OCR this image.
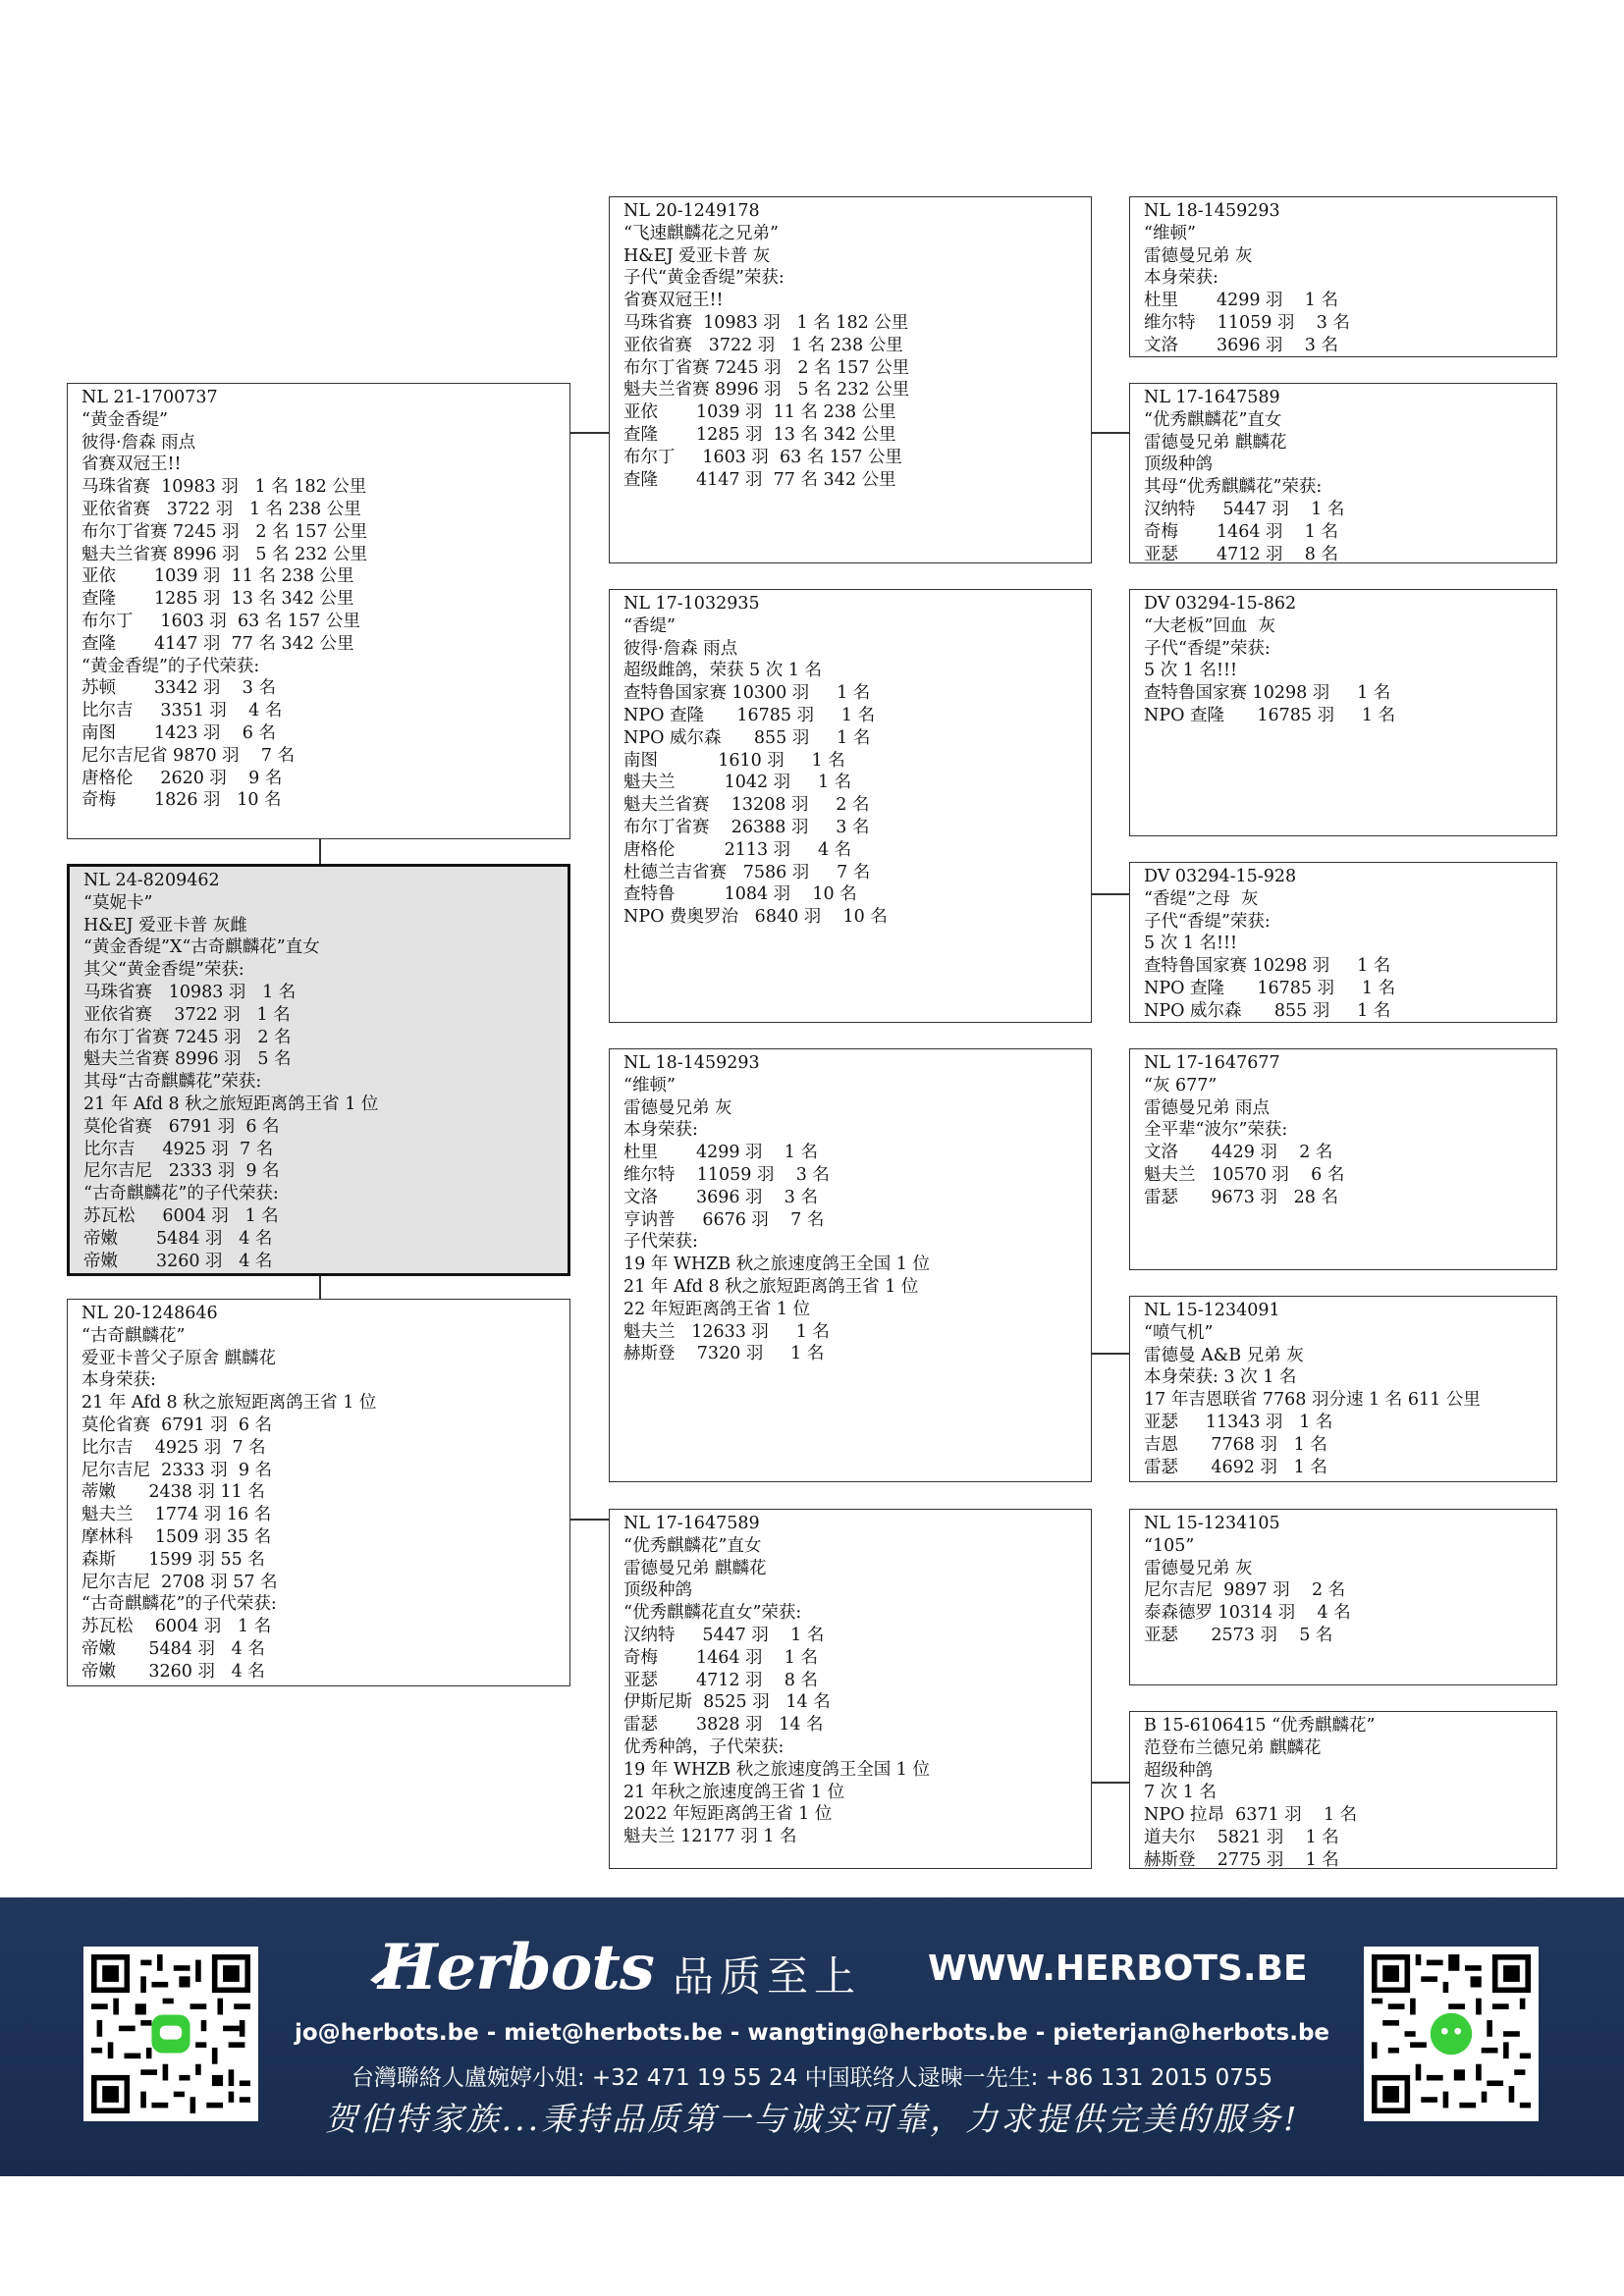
NL 24-8209462
“莫妮卡”
H&EJ 爱亚卡普 灰雌
“黄金香缇”X“古奇麒麟花”直女
其父“黄金香缇”荣获:
马珠省赛   10983 羽   1 名
亚依省赛    3722 羽   1 名
布尔丁省赛 7245 羽   2 名
魁夫兰省赛 8996 羽   5 名
其母“古奇麒麟花”荣获:
21 年 Afd 8 秋之旅短距离鸽王省 1 位
莫伦省赛   6791 羽  6 名
比尔吉     4925 羽  7 名
尼尔吉尼   2333 羽  9 名
“古奇麒麟花”的子代荣获:
苏瓦松     6004 羽   1 名
帝嫩       5484 羽   4 名
帝嫩       3260 羽   4 名
NL 21-1700737
“黄金香缇”
彼得·詹森 雨点
省赛双冠王!!
马珠省赛  10983 羽   1 名 182 公里
亚依省赛   3722 羽   1 名 238 公里
布尔丁省赛 7245 羽   2 名 157 公里
魁夫兰省赛 8996 羽   5 名 232 公里
亚依       1039 羽  11 名 238 公里
查隆       1285 羽  13 名 342 公里
布尔丁     1603 羽  63 名 157 公里
查隆       4147 羽  77 名 342 公里
“黄金香缇”的子代荣获:
苏顿       3342 羽    3 名
比尔吉     3351 羽    4 名
南图       1423 羽    6 名
尼尔吉尼省 9870 羽    7 名
唐格伦     2620 羽    9 名
奇梅       1826 羽   10 名
NL 20-1248646
“古奇麒麟花”
爱亚卡普父子原舍 麒麟花
本身荣获:
21 年 Afd 8 秋之旅短距离鸽王省 1 位
莫伦省赛  6791 羽  6 名
比尔吉    4925 羽  7 名
尼尔吉尼  2333 羽  9 名
蒂嫩      2438 羽 11 名
魁夫兰    1774 羽 16 名
摩林科    1509 羽 35 名
森斯      1599 羽 55 名
尼尔吉尼  2708 羽 57 名
“古奇麒麟花”的子代荣获:
苏瓦松    6004 羽   1 名
帝嫩      5484 羽   4 名
帝嫩      3260 羽   4 名
NL 20-1249178
“飞速麒麟花之兄弟”
H&EJ 爱亚卡普 灰
子代“黄金香缇”荣获:
省赛双冠王!!
马珠省赛  10983 羽   1 名 182 公里
亚依省赛   3722 羽   1 名 238 公里
布尔丁省赛 7245 羽   2 名 157 公里
魁夫兰省赛 8996 羽   5 名 232 公里
亚依       1039 羽  11 名 238 公里
查隆       1285 羽  13 名 342 公里
布尔丁     1603 羽  63 名 157 公里
查隆       4147 羽  77 名 342 公里
NL 17-1032935
“香缇”
彼得·詹森 雨点
超级雌鸽，荣获 5 次 1 名
查特鲁国家赛 10300 羽     1 名
NPO 查隆      16785 羽     1 名
NPO 威尔森      855 羽     1 名
南图           1610 羽     1 名
魁夫兰         1042 羽     1 名
魁夫兰省赛    13208 羽     2 名
布尔丁省赛    26388 羽     3 名
唐格伦         2113 羽     4 名
杜德兰吉省赛   7586 羽     7 名
查特鲁         1084 羽    10 名
NPO 费奥罗治   6840 羽    10 名
NL 18-1459293
“维顿”
雷德曼兄弟 灰
本身荣获:
杜里       4299 羽    1 名
维尔特    11059 羽    3 名
文洛       3696 羽    3 名
亨讷普     6676 羽    7 名
子代荣获:
19 年 WHZB 秋之旅速度鸽王全国 1 位
21 年 Afd 8 秋之旅短距离鸽王省 1 位
22 年短距离鸽王省 1 位
魁夫兰   12633 羽     1 名
赫斯登    7320 羽     1 名
NL 17-1647589
“优秀麒麟花”直女
雷德曼兄弟 麒麟花
顶级种鸽
“优秀麒麟花直女”荣获:
汉纳特     5447 羽    1 名
奇梅       1464 羽    1 名
亚瑟       4712 羽    8 名
伊斯尼斯  8525 羽   14 名
雷瑟       3828 羽   14 名
优秀种鸽，子代荣获:
19 年 WHZB 秋之旅速度鸽王全国 1 位
21 年秋之旅速度鸽王省 1 位
2022 年短距离鸽王省 1 位
魁夫兰 12177 羽 1 名
NL 18-1459293
“维顿”
雷德曼兄弟 灰
本身荣获:
杜里       4299 羽    1 名
维尔特    11059 羽    3 名
文洛       3696 羽    3 名
NL 17-1647589
“优秀麒麟花”直女
雷德曼兄弟 麒麟花
顶级种鸽
其母“优秀麒麟花”荣获:
汉纳特     5447 羽    1 名
奇梅       1464 羽    1 名
亚瑟       4712 羽    8 名
DV 03294-15-862
“大老板”回血  灰
子代“香缇”荣获:
5 次 1 名!!!
查特鲁国家赛 10298 羽     1 名
NPO 查隆      16785 羽     1 名
DV 03294-15-928
“香缇”之母  灰
子代“香缇”荣获:
5 次 1 名!!!
查特鲁国家赛 10298 羽     1 名
NPO 查隆      16785 羽     1 名
NPO 威尔森      855 羽     1 名
NL 17-1647677
“灰 677”
雷德曼兄弟 雨点
全平辈“波尔”荣获:
文洛      4429 羽    2 名
魁夫兰   10570 羽    6 名
雷瑟      9673 羽   28 名
NL 15-1234091
“喷气机”
雷德曼 A&B 兄弟 灰
本身荣获: 3 次 1 名
17 年吉恩联省 7768 羽分速 1 名 611 公里
亚瑟     11343 羽   1 名
吉恩      7768 羽   1 名
雷瑟      4692 羽   1 名
NL 15-1234105
“105”
雷德曼兄弟 灰
尼尔吉尼  9897 羽    2 名
泰森德罗 10314 羽    4 名
亚瑟      2573 羽    5 名
B 15-6106415 “优秀麒麟花”
范登布兰德兄弟 麒麟花
超级种鸽
7 次 1 名
NPO 拉昂  6371 羽    1 名
道夫尔    5821 羽    1 名
赫斯登    2775 羽    1 名
Herbots 品质至上 WWW.HERBOTS.BE
jo@herbots.be - miet@herbots.be - wangting@herbots.be - pieterjan@herbots.be
台灣聯絡人盧婉婷小姐: +32 471 19 55 24 中国联络人逯暕一先生: +86 131 2015 0755
贺伯特家族...秉持品质第一与诚实可靠，力求提供完美的服务!
